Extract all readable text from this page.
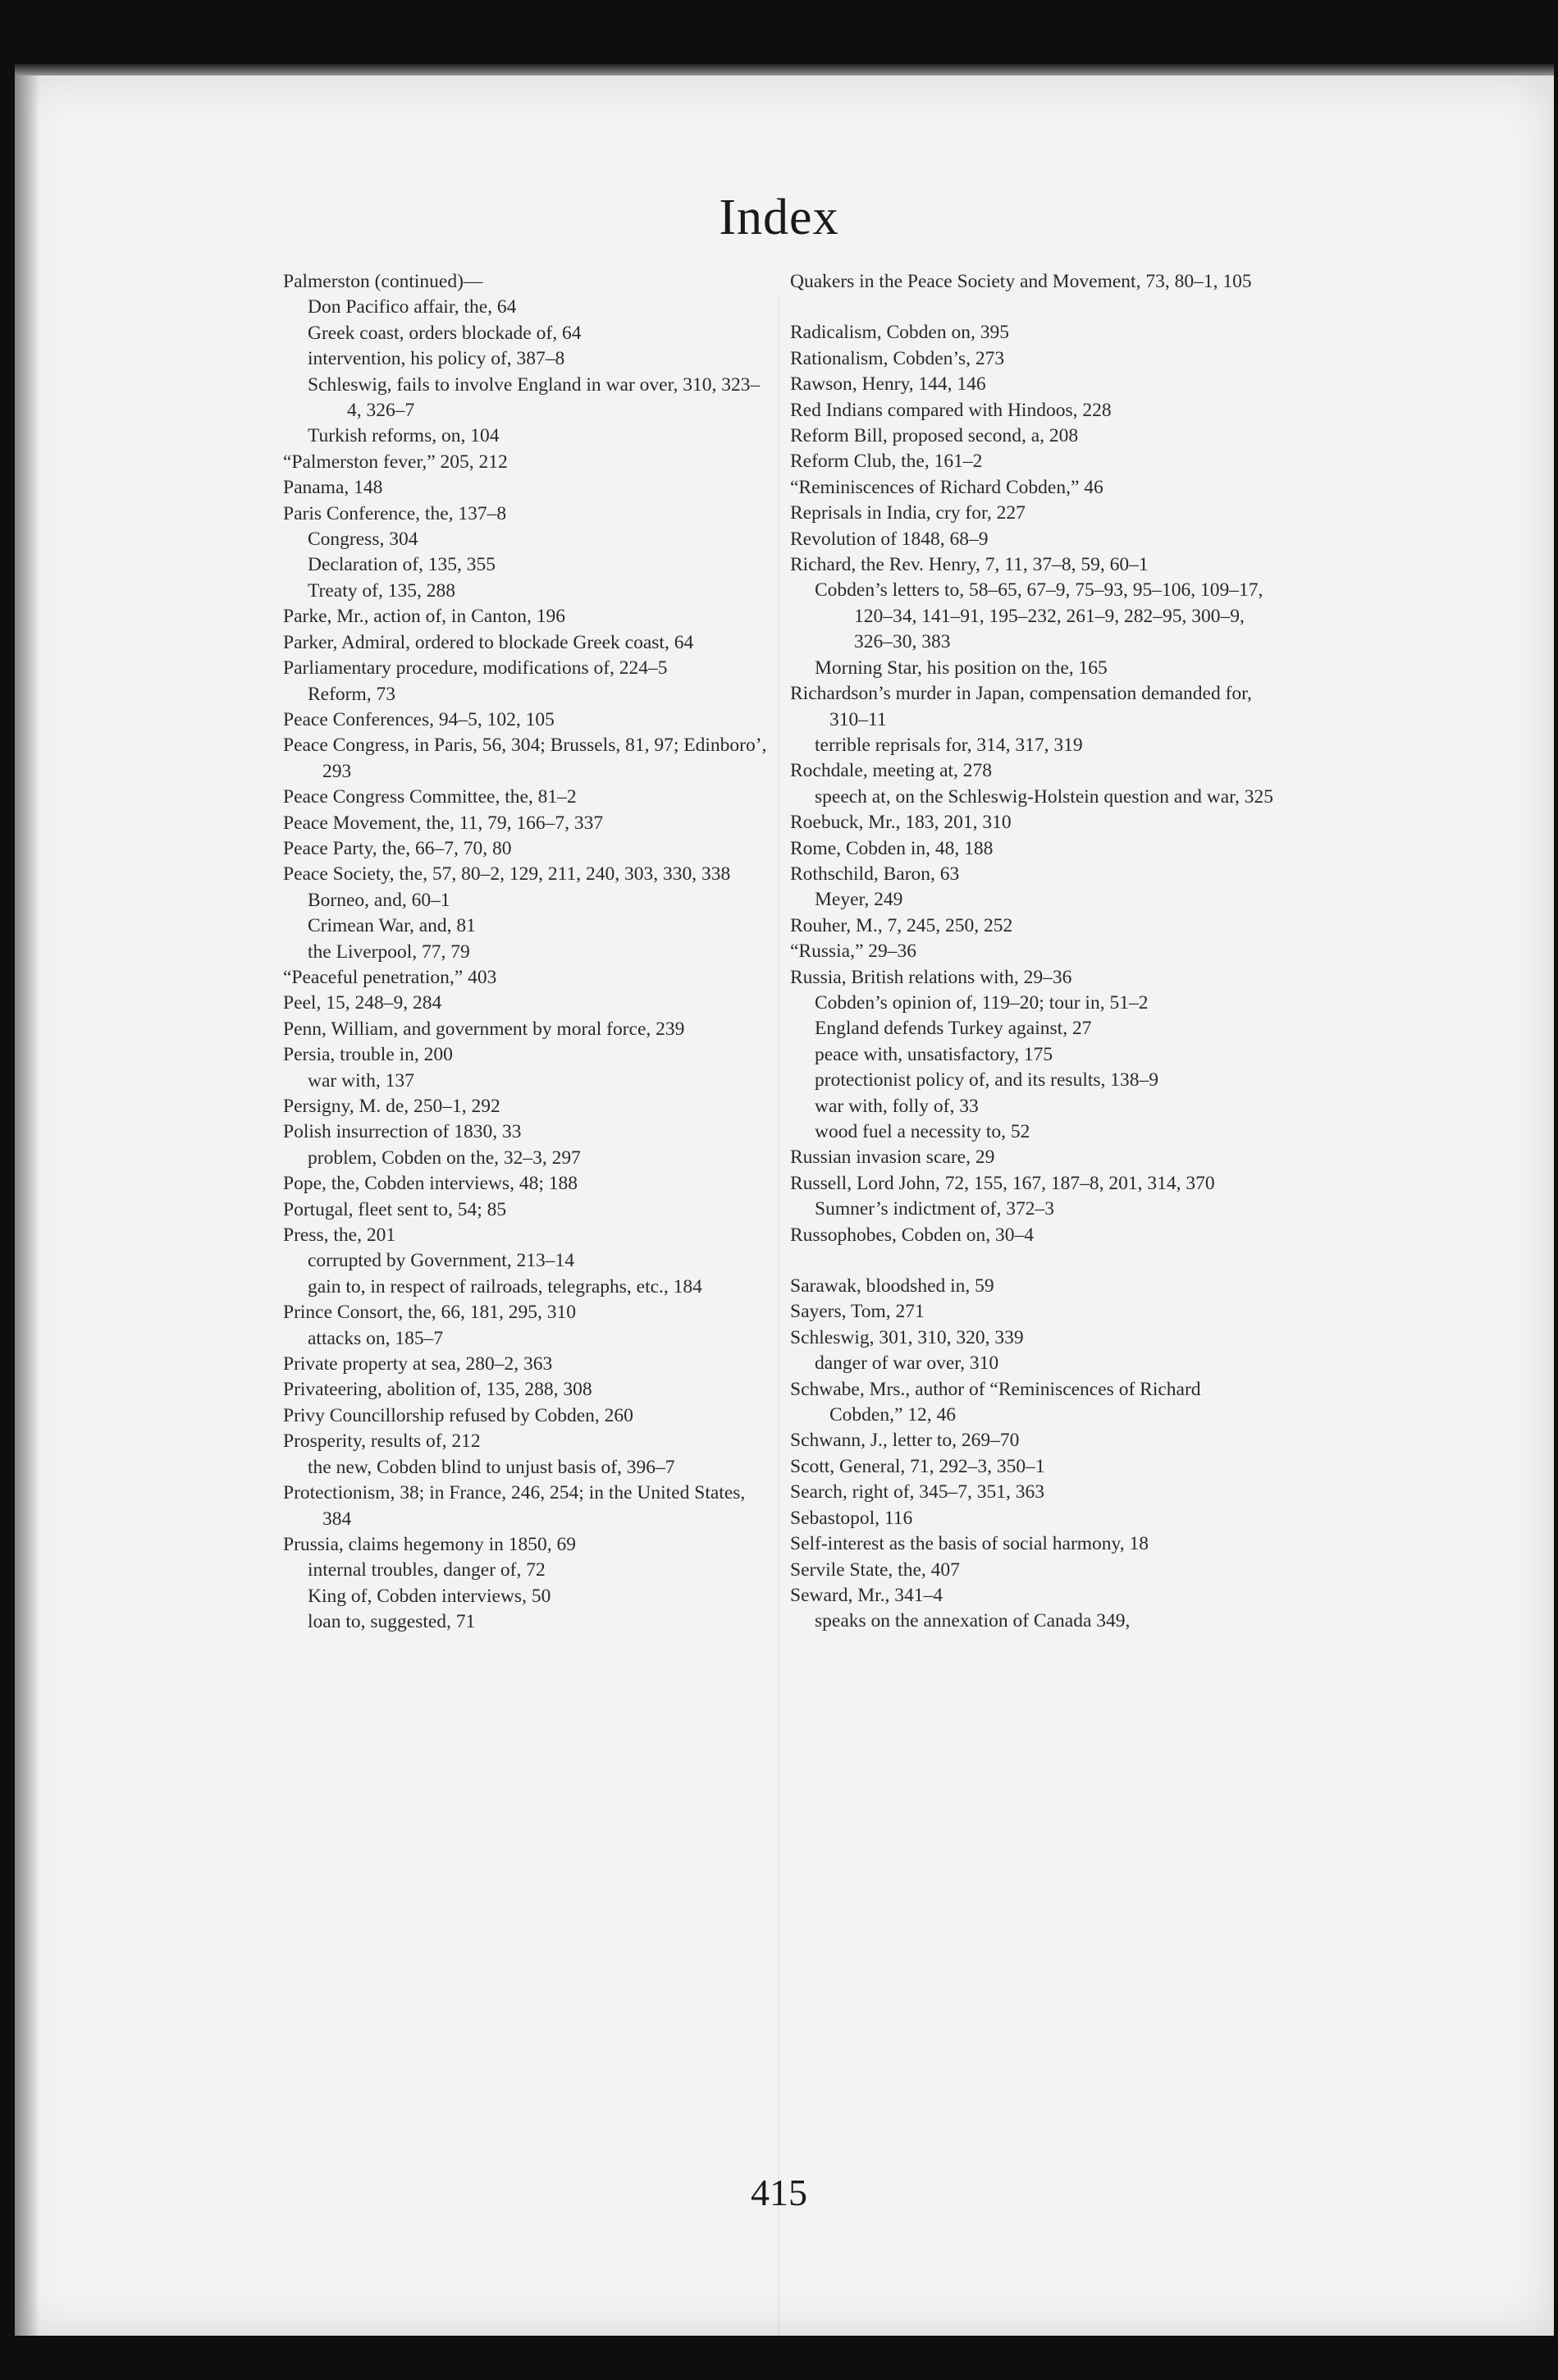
Index
Palmerston (continued)—
Don Pacifico affair, the, 64
Greek coast, orders blockade of, 64
intervention, his policy of, 387–8
Schleswig, fails to involve England in war over, 310, 323–4, 326–7
Turkish reforms, on, 104
“Palmerston fever,” 205, 212
Panama, 148
Paris Conference, the, 137–8
Congress, 304
Declaration of, 135, 355
Treaty of, 135, 288
Parke, Mr., action of, in Canton, 196
Parker, Admiral, ordered to blockade Greek coast, 64
Parliamentary procedure, modifications of, 224–5
Reform, 73
Peace Conferences, 94–5, 102, 105
Peace Congress, in Paris, 56, 304; Brussels, 81, 97; Edinboro’, 293
Peace Congress Committee, the, 81–2
Peace Movement, the, 11, 79, 166–7, 337
Peace Party, the, 66–7, 70, 80
Peace Society, the, 57, 80–2, 129, 211, 240, 303, 330, 338
Borneo, and, 60–1
Crimean War, and, 81
the Liverpool, 77, 79
“Peaceful penetration,” 403
Peel, 15, 248–9, 284
Penn, William, and government by moral force, 239
Persia, trouble in, 200
war with, 137
Persigny, M. de, 250–1, 292
Polish insurrection of 1830, 33
problem, Cobden on the, 32–3, 297
Pope, the, Cobden interviews, 48; 188
Portugal, fleet sent to, 54; 85
Press, the, 201
corrupted by Government, 213–14
gain to, in respect of railroads, telegraphs, etc., 184
Prince Consort, the, 66, 181, 295, 310
attacks on, 185–7
Private property at sea, 280–2, 363
Privateering, abolition of, 135, 288, 308
Privy Councillorship refused by Cobden, 260
Prosperity, results of, 212
the new, Cobden blind to unjust basis of, 396–7
Protectionism, 38; in France, 246, 254; in the United States, 384
Prussia, claims hegemony in 1850, 69
internal troubles, danger of, 72
King of, Cobden interviews, 50
loan to, suggested, 71
Quakers in the Peace Society and Movement, 73, 80–1, 105
Radicalism, Cobden on, 395
Rationalism, Cobden’s, 273
Rawson, Henry, 144, 146
Red Indians compared with Hindoos, 228
Reform Bill, proposed second, a, 208
Reform Club, the, 161–2
“Reminiscences of Richard Cobden,” 46
Reprisals in India, cry for, 227
Revolution of 1848, 68–9
Richard, the Rev. Henry, 7, 11, 37–8, 59, 60–1
Cobden’s letters to, 58–65, 67–9, 75–93, 95–106, 109–17, 120–34, 141–91, 195–232, 261–9, 282–95, 300–9, 326–30, 383
Morning Star, his position on the, 165
Richardson’s murder in Japan, compensation demanded for, 310–11
terrible reprisals for, 314, 317, 319
Rochdale, meeting at, 278
speech at, on the Schleswig-Holstein question and war, 325
Roebuck, Mr., 183, 201, 310
Rome, Cobden in, 48, 188
Rothschild, Baron, 63
Meyer, 249
Rouher, M., 7, 245, 250, 252
“Russia,” 29–36
Russia, British relations with, 29–36
Cobden’s opinion of, 119–20; tour in, 51–2
England defends Turkey against, 27
peace with, unsatisfactory, 175
protectionist policy of, and its results, 138–9
war with, folly of, 33
wood fuel a necessity to, 52
Russian invasion scare, 29
Russell, Lord John, 72, 155, 167, 187–8, 201, 314, 370
Sumner’s indictment of, 372–3
Russophobes, Cobden on, 30–4
Sarawak, bloodshed in, 59
Sayers, Tom, 271
Schleswig, 301, 310, 320, 339
danger of war over, 310
Schwabe, Mrs., author of “Reminiscences of Richard Cobden,” 12, 46
Schwann, J., letter to, 269–70
Scott, General, 71, 292–3, 350–1
Search, right of, 345–7, 351, 363
Sebastopol, 116
Self-interest as the basis of social harmony, 18
Servile State, the, 407
Seward, Mr., 341–4
speaks on the annexation of Canada 349,
415
